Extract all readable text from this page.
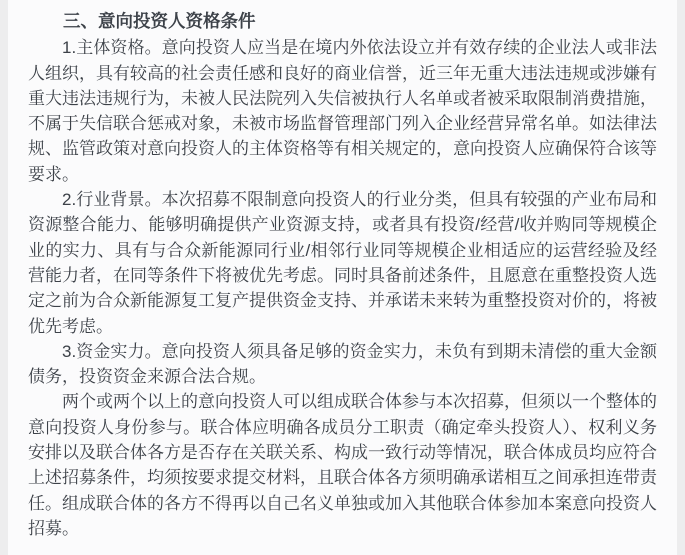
三、意向投资人资格条件

1.主体资格。意向投资人应当是在境内外依法设立并有效存续的企业法人或非法人组织，具有较高的社会责任感和良好的商业信誉，近三年无重大违法违规或涉嫌有重大违法违规行为，未被人民法院列入失信被执行人名单或者被采取限制消费措施，不属于失信联合惩戒对象，未被市场监督管理部门列入企业经营异常名单。如法律法规、监管政策对意向投资人的主体资格等有相关规定的，意向投资人应确保符合该等要求。

2.行业背景。本次招募不限制意向投资人的行业分类，但具有较强的产业布局和资源整合能力、能够明确提供产业资源支持，或者具有投资/经营/收并购同等规模企业的实力、具有与合众新能源同行业/相邻行业同等规模企业相适应的运营经验及经营能力者，在同等条件下将被优先考虑。同时具备前述条件，且愿意在重整投资人选定之前为合众新能源复工复产提供资金支持、并承诺未来转为重整投资对价的，将被优先考虑。

3.资金实力。意向投资人须具备足够的资金实力，未负有到期未清偿的重大金额债务，投资资金来源合法合规。

两个或两个以上的意向投资人可以组成联合体参与本次招募，但须以一个整体的意向投资人身份参与。联合体应明确各成员分工职责（确定牵头投资人）、权利义务安排以及联合体各方是否存在关联关系、构成一致行动等情况，联合体成员均应符合上述招募条件，均须按要求提交材料，且联合体各方须明确承诺相互之间承担连带责任。组成联合体的各方不得再以自己名义单独或加入其他联合体参加本案意向投资人招募。
